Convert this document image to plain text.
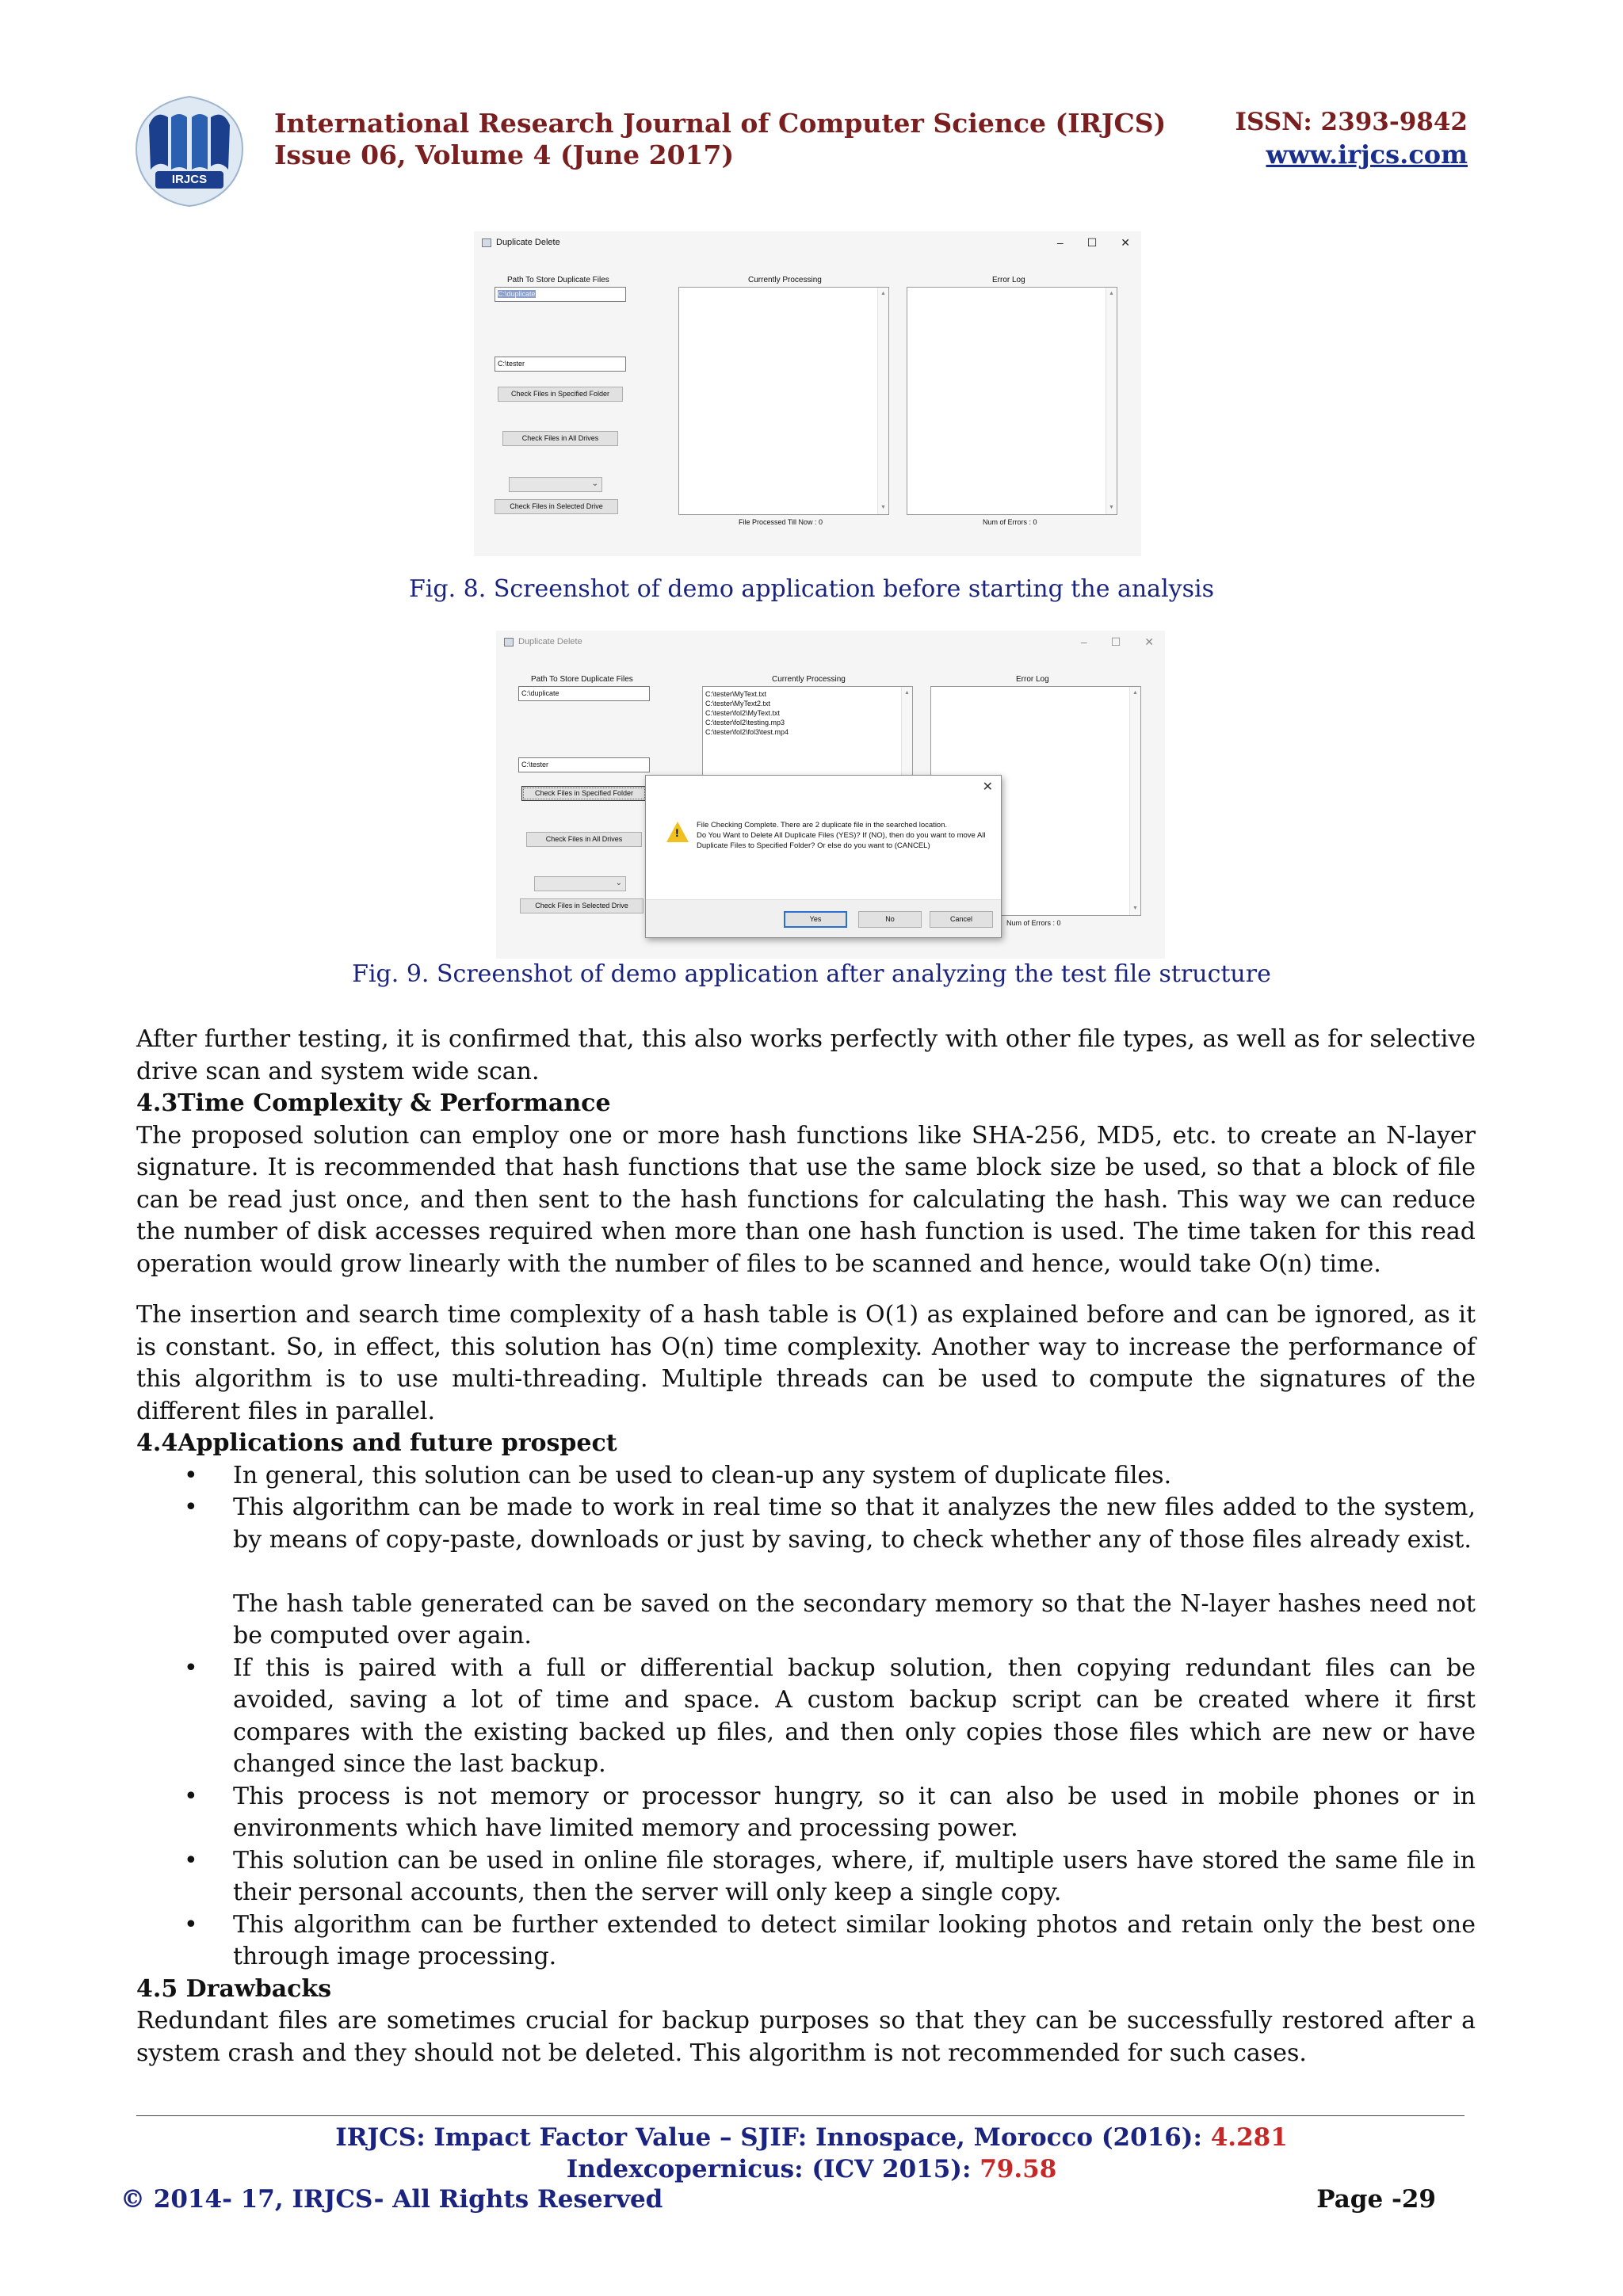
IRJCS
International Research Journal of Computer Science (IRJCS)
Issue 06, Volume 4 (June 2017)
ISSN: 2393-9842
www.irjcs.com
Duplicate Delete	– ☐ ✕
Path To Store Duplicate Files
C:\duplicate
Currently Processing	Error Log
▲ ▼
▲ ▼
C:\tester
Check Files in Specified Folder
Check Files in All Drives
⌄
Check Files in Selected Drive
File Processed Till Now : 0	Num of Errors : 0
Fig. 8. Screenshot of demo application before starting the analysis
Duplicate Delete	– ☐ ✕
Path To Store Duplicate Files
C:\duplicate
Currently Processing	Error Log
C:\tester\MyText.txt
C:\tester\MyText2.txt
C:\tester\fol2\MyText.txt
C:\tester\fol2\testing.mp3
C:\tester\fol2\fol3\test.mp4
▲ ▼
▲ ▼
C:\tester
Check Files in Specified Folder
Check Files in All Drives
⌄
Check Files in Selected Drive
Num of Errors : 0
✕
!
File Checking Complete. There are 2 duplicate file in the searched location.
Do You Want to Delete All Duplicate Files (YES)? If (NO), then do you want to move All Duplicate Files to Specified Folder? Or else do you want to (CANCEL)
Yes	No	Cancel
Fig. 9. Screenshot of demo application after analyzing the test file structure

After further testing, it is confirmed that, this also works perfectly with other file types, as well as for selective drive scan and system wide scan.

4.3Time Complexity & Performance

The proposed solution can employ one or more hash functions like SHA-256, MD5, etc. to create an N-layer signature. It is recommended that hash functions that use the same block size be used, so that a block of file can be read just once, and then sent to the hash functions for calculating the hash. This way we can reduce the number of disk accesses required when more than one hash function is used. The time taken for this read operation would grow linearly with the number of files to be scanned and hence, would take O(n) time.

The insertion and search time complexity of a hash table is O(1) as explained before and can be ignored, as it is constant. So, in effect, this solution has O(n) time complexity. Another way to increase the performance of this algorithm is to use multi-threading. Multiple threads can be used to compute the signatures of the different files in parallel.

4.4Applications and future prospect
• In general, this solution can be used to clean-up any system of duplicate files.
• This algorithm can be made to work in real time so that it analyzes the new files added to the system, by means of copy-paste, downloads or just by saving, to check whether any of those files already exist.
The hash table generated can be saved on the secondary memory so that the N-layer hashes need not be computed over again.
• If this is paired with a full or differential backup solution, then copying redundant files can be avoided, saving a lot of time and space. A custom backup script can be created where it first compares with the existing backed up files, and then only copies those files which are new or have changed since the last backup.
• This process is not memory or processor hungry, so it can also be used in mobile phones or in environments which have limited memory and processing power.
• This solution can be used in online file storages, where, if, multiple users have stored the same file in their personal accounts, then the server will only keep a single copy.
• This algorithm can be further extended to detect similar looking photos and retain only the best one through image processing.
4.5 Drawbacks

Redundant files are sometimes crucial for backup purposes so that they can be successfully restored after a system crash and they should not be deleted. This algorithm is not recommended for such cases.

IRJCS: Impact Factor Value – SJIF: Innospace, Morocco (2016): 4.281
Indexcopernicus: (ICV 2015): 79.58
© 2014- 17, IRJCS- All Rights Reserved	Page -29
